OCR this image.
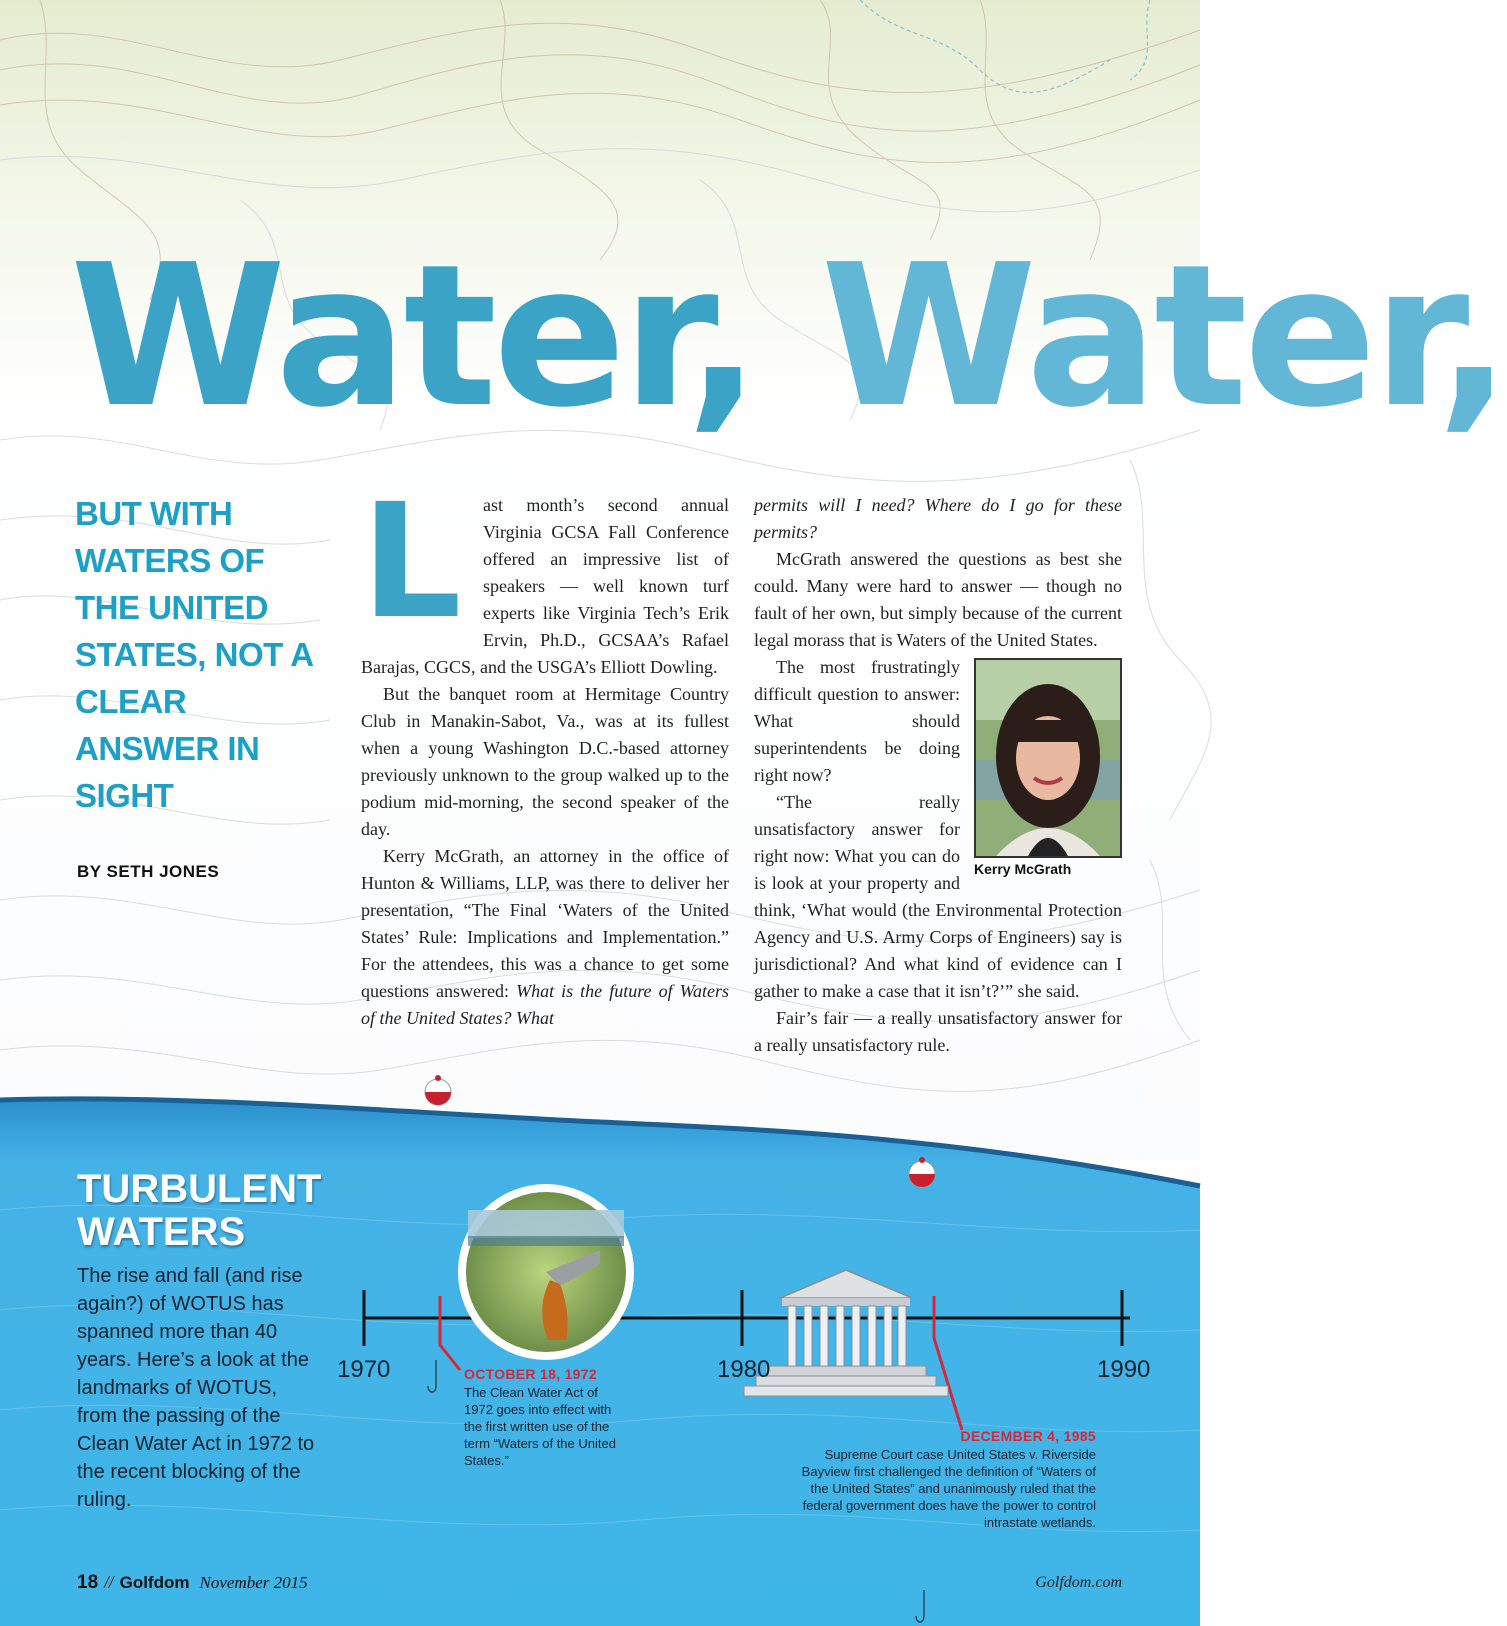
Water, Water,
BUT WITH WATERS OF THE UNITED STATES, NOT A CLEAR ANSWER IN SIGHT
BY SETH JONES

L	ast month’s second annual Virginia GCSA Fall Conference offered an impressive list of speakers — well known turf experts like Virginia Tech’s Erik Ervin, Ph.D., GCSAA’s Rafael Barajas, CGCS, and the USGA’s Elliott Dowling.

But the banquet room at Hermitage Country Club in Manakin-Sabot, Va., was at its fullest when a young Washington D.C.-based attorney previously unknown to the group walked up to the podium mid-morning, the second speaker of the day.

Kerry McGrath, an attorney in the office of Hunton & Williams, LLP, was there to deliver her presentation, “The Final ‘Waters of the United States’ Rule: Implications and Implementation.” For the attendees, this was a chance to get some questions answered: What is the future of Waters of the United States? What

permits will I need? Where do I go for these permits?

McGrath answered the questions as best she could. Many were hard to answer — though no fault of her own, but simply because of the current legal morass that is Waters of the United States.

Kerry McGrath

The most frustratingly difficult question to answer: What should superintendents be doing right now?

“The really unsatisfactory answer for right now: What you can do is look at your property and think, ‘What would (the Environmental Protection Agency and U.S. Army Corps of Engineers) say is jurisdictional? And what kind of evidence can I gather to make a case that it isn’t?’” she said.

Fair’s fair — a really unsatisfactory answer for a really unsatisfactory rule.

TURBULENT
WATERS
The rise and fall (and rise again?) of WOTUS has spanned more than 40 years. Here’s a look at the landmarks of WOTUS, from the passing of the Clean Water Act in 1972 to the recent blocking of the ruling.
1970	1980	1990
OCTOBER 18, 1972
The Clean Water Act of 1972 goes into effect with the first written use of the term “Waters of the United States.”
DECEMBER 4, 1985
Supreme Court case United States v. Riverside Bayview first challenged the definition of “Waters of the United States” and unanimously ruled that the federal government does have the power to control intrastate wetlands.
18 // Golfdom November 2015	Golfdom.com
